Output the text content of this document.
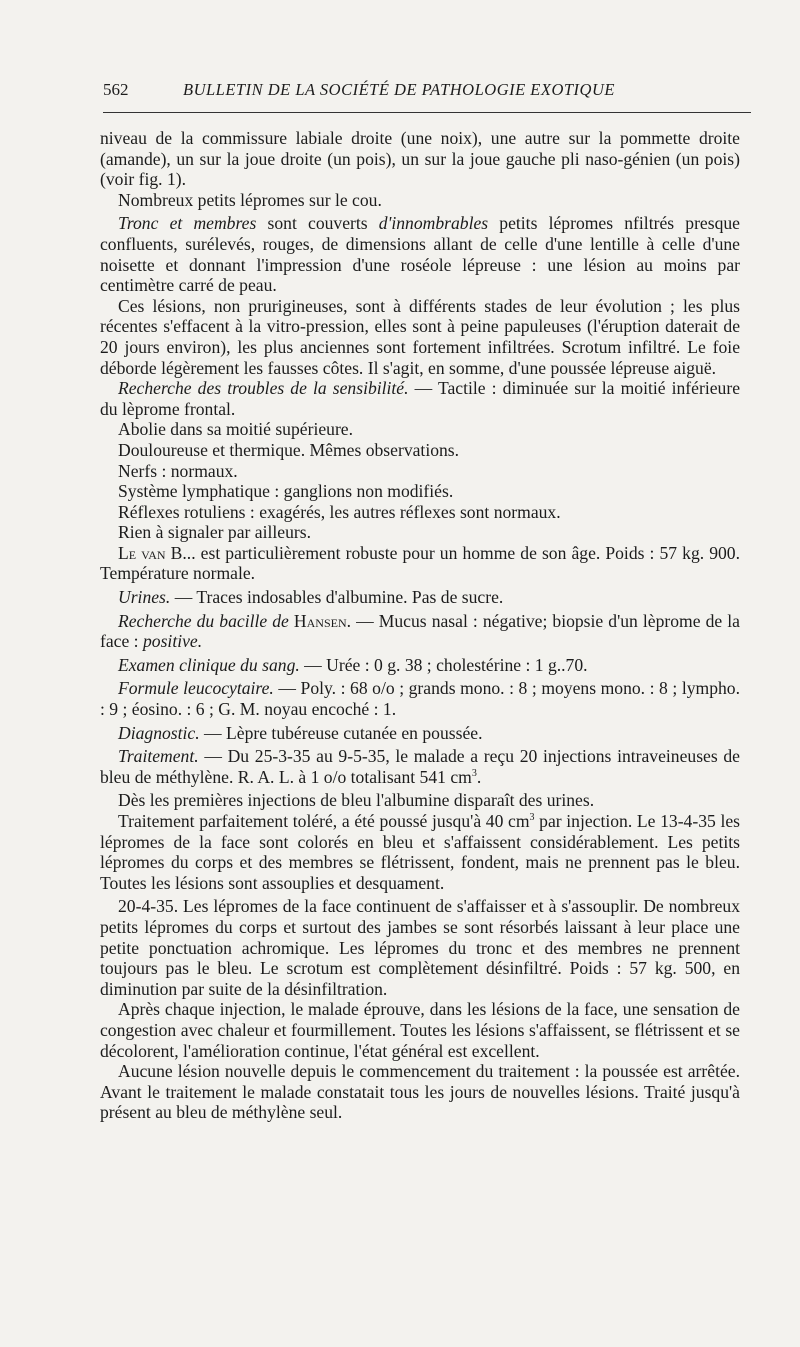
562	BULLETIN DE LA SOCIÉTÉ DE PATHOLOGIE EXOTIQUE

niveau de la commissure labiale droite (une noix), une autre sur la pommette droite (amande), un sur la joue droite (un pois), un sur la joue gauche pli naso-génien (un pois) (voir fig. 1).

Nombreux petits lépromes sur le cou.

Tronc et membres sont couverts d'innombrables petits lépromes nfiltrés presque confluents, surélevés, rouges, de dimensions allant de celle d'une lentille à celle d'une noisette et donnant l'impression d'une roséole lépreuse : une lésion au moins par centimètre carré de peau.

Ces lésions, non prurigineuses, sont à différents stades de leur évolution ; les plus récentes s'effacent à la vitro-pression, elles sont à peine papuleuses (l'éruption daterait de 20 jours environ), les plus anciennes sont fortement infiltrées. Scrotum infiltré. Le foie déborde légèrement les fausses côtes. Il s'agit, en somme, d'une poussée lépreuse aiguë.

Recherche des troubles de la sensibilité. — Tactile : diminuée sur la moitié inférieure du lèprome frontal.

Abolie dans sa moitié supérieure.

Douloureuse et thermique. Mêmes observations.

Nerfs : normaux.

Système lymphatique : ganglions non modifiés.

Réflexes rotuliens : exagérés, les autres réflexes sont normaux.

Rien à signaler par ailleurs.

Le van B... est particulièrement robuste pour un homme de son âge. Poids : 57 kg. 900. Température normale.

Urines. — Traces indosables d'albumine. Pas de sucre.

Recherche du bacille de Hansen. — Mucus nasal : négative; biopsie d'un lèprome de la face : positive.

Examen clinique du sang. — Urée : 0 g. 38 ; cholestérine : 1 g..70.

Formule leucocytaire. — Poly. : 68 o/o ; grands mono. : 8 ; moyens mono. : 8 ; lympho. : 9 ; éosino. : 6 ; G. M. noyau encoché : 1.

Diagnostic. — Lèpre tubéreuse cutanée en poussée.

Traitement. — Du 25-3-35 au 9-5-35, le malade a reçu 20 injections intraveineuses de bleu de méthylène. R. A. L. à 1 o/o totalisant 541 $cm^3$.

Dès les premières injections de bleu l'albumine disparaît des urines.

Traitement parfaitement toléré, a été poussé jusqu'à 40 $cm^3$ par injection. Le 13-4-35 les lépromes de la face sont colorés en bleu et s'affaissent considérablement. Les petits lépromes du corps et des membres se flétrissent, fondent, mais ne prennent pas le bleu. Toutes les lésions sont assouplies et desquament.

20-4-35. Les lépromes de la face continuent de s'affaisser et à s'assouplir. De nombreux petits lépromes du corps et surtout des jambes se sont résorbés laissant à leur place une petite ponctuation achromique. Les lépromes du tronc et des membres ne prennent toujours pas le bleu. Le scrotum est complètement désinfiltré. Poids : 57 kg. 500, en diminution par suite de la désinfiltration.

Après chaque injection, le malade éprouve, dans les lésions de la face, une sensation de congestion avec chaleur et fourmillement. Toutes les lésions s'affaissent, se flétrissent et se décolorent, l'amélioration continue, l'état général est excellent.

Aucune lésion nouvelle depuis le commencement du traitement : la poussée est arrêtée. Avant le traitement le malade constatait tous les jours de nouvelles lésions. Traité jusqu'à présent au bleu de méthylène seul.
